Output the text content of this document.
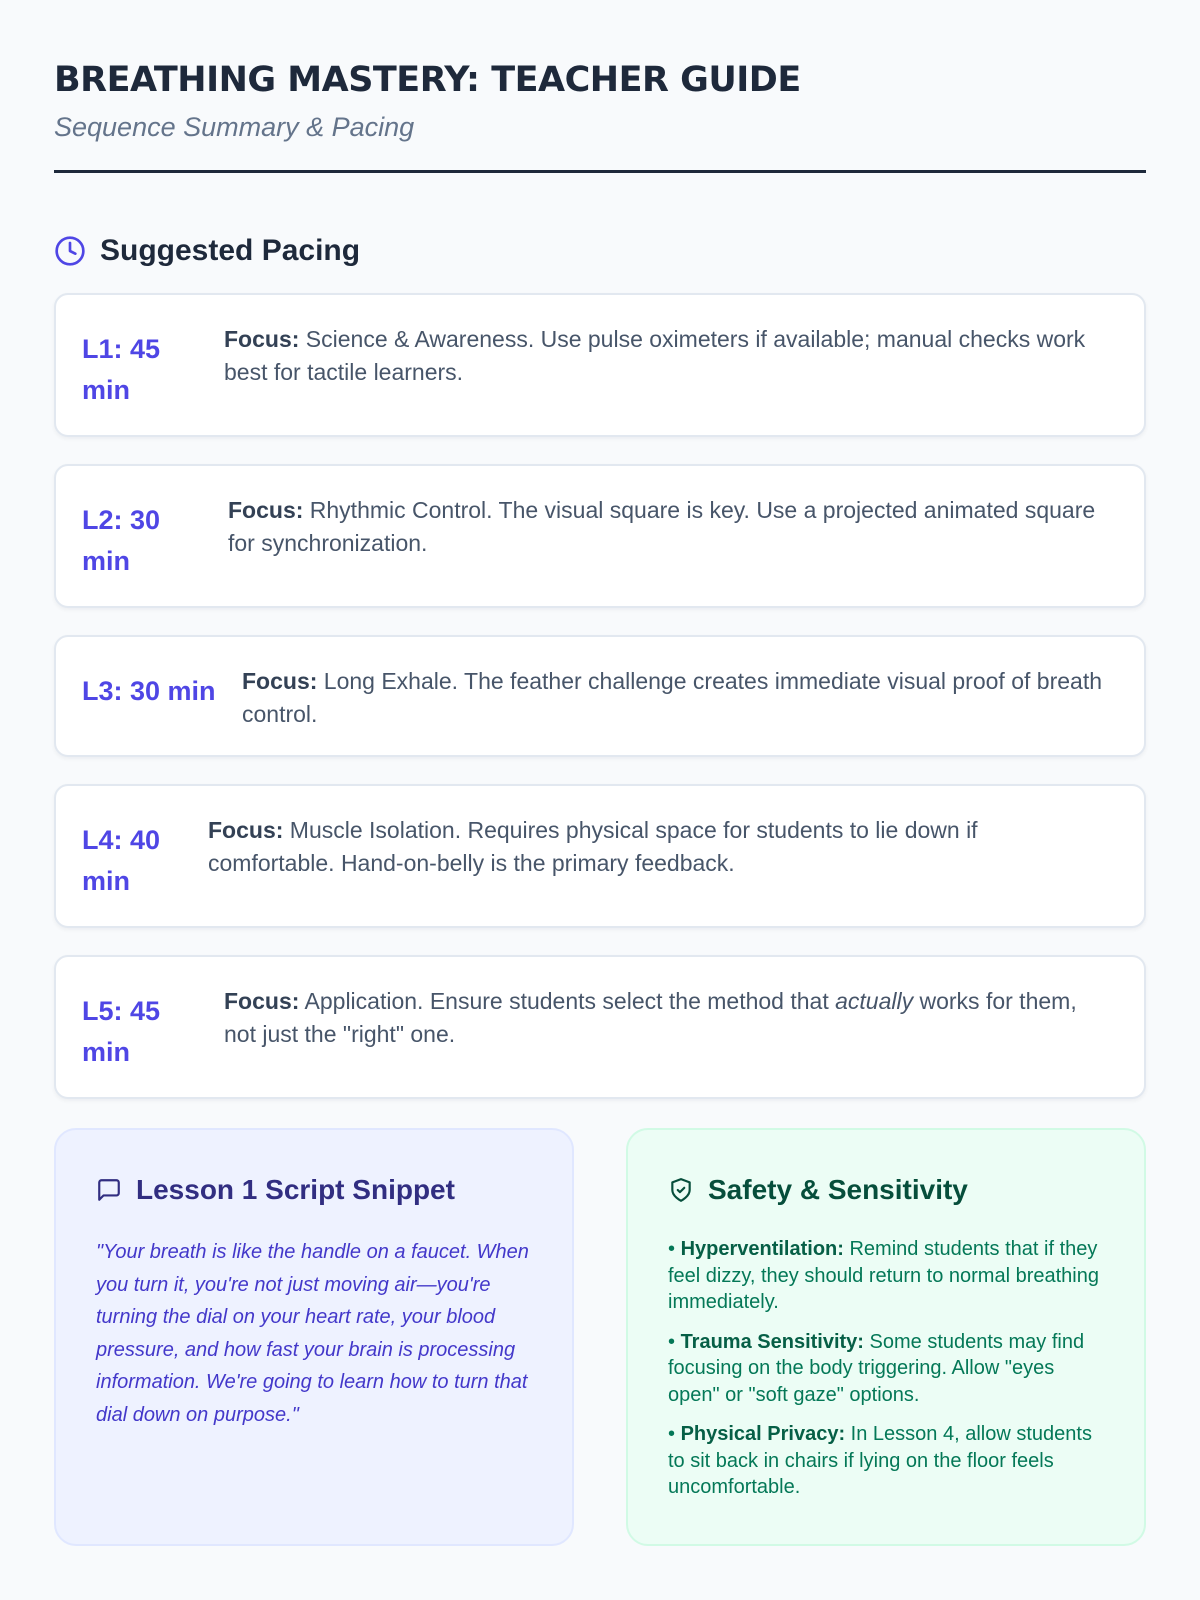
BREATHING MASTERY: TEACHER GUIDE
Sequence Summary & Pacing
Suggested Pacing
L1: 45 min
Focus: Science & Awareness. Use pulse oximeters if available; manual checks work best for tactile learners.
L2: 30 min
Focus: Rhythmic Control. The visual square is key. Use a projected animated square for synchronization.
L3: 30 min Focus: Long Exhale. The feather challenge creates immediate visual proof of breath control.
L4: 40 min
Focus: Muscle Isolation. Requires physical space for students to lie down if comfortable. Hand-on-belly is the primary feedback.
L5: 45 min
Focus: Application. Ensure students select the method that actually works for them, not just the "right" one.
Lesson 1 Script Snippet

"Your breath is like the handle on a faucet. When you turn it, you're not just moving air—you're turning the dial on your heart rate, your blood pressure, and how fast your brain is processing information. We're going to learn how to turn that dial down on purpose."

Safety & Sensitivity

• Hyperventilation: Remind students that if they feel dizzy, they should return to normal breathing immediately.

• Trauma Sensitivity: Some students may find focusing on the body triggering. Allow "eyes open" or "soft gaze" options.

• Physical Privacy: In Lesson 4, allow students to sit back in chairs if lying on the floor feels uncomfortable.
